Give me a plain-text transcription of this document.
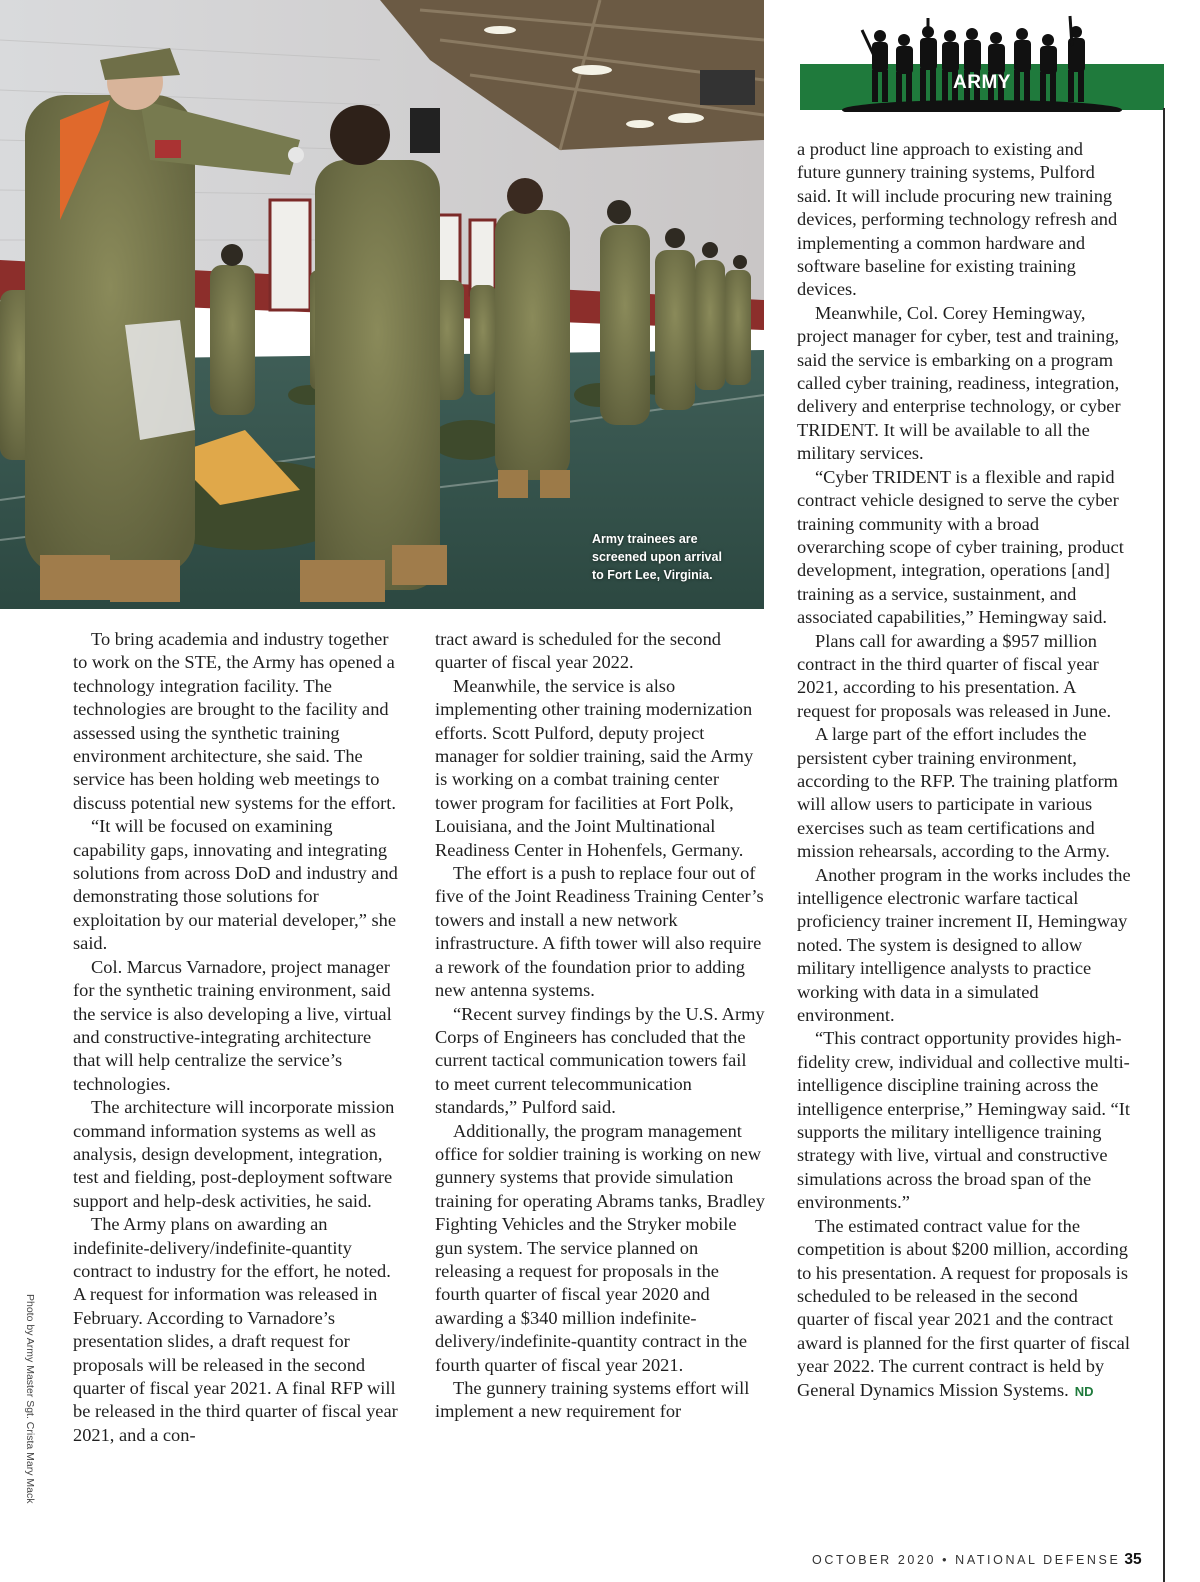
Army trainees are
screened upon arrival
to Fort Lee, Virginia.
ARMY

To bring academia and industry together to work on the STE, the Army has opened a technology integration facility. The technologies are brought to the facility and assessed using the synthetic training environment architecture, she said. The service has been holding web meetings to discuss potential new systems for the effort.

“It will be focused on examining capability gaps, innovating and integrating solutions from across DoD and industry and demonstrating those solutions for exploitation by our material developer,” she said.

Col. Marcus Varnadore, project manager for the synthetic training environment, said the service is also developing a live, virtual and constructive-integrating architecture that will help centralize the service’s technologies.

The architecture will incorporate mission command information systems as well as analysis, design development, integration, test and fielding, post-deployment software support and help-desk activities, he said.

The Army plans on awarding an indefinite-delivery/indefinite-quantity contract to industry for the effort, he noted. A request for information was released in February. According to Varnadore’s presentation slides, a draft request for proposals will be released in the second quarter of fiscal year 2021. A final RFP will be released in the third quarter of fiscal year 2021, and a con-

tract award is scheduled for the second quarter of fiscal year 2022.

Meanwhile, the service is also implementing other training modernization efforts. Scott Pulford, deputy project manager for soldier training, said the Army is working on a combat training center tower program for facilities at Fort Polk, Louisiana, and the Joint Multinational Readiness Center in Hohenfels, Germany.

The effort is a push to replace four out of five of the Joint Readiness Training Center’s towers and install a new network infrastructure. A fifth tower will also require a rework of the foundation prior to adding new antenna systems.

“Recent survey findings by the U.S. Army Corps of Engineers has concluded that the current tactical communication towers fail to meet current telecommunication standards,” Pulford said.

Additionally, the program management office for soldier training is working on new gunnery systems that provide simulation training for operating Abrams tanks, Bradley Fighting Vehicles and the Stryker mobile gun system. The service planned on releasing a request for proposals in the fourth quarter of fiscal year 2020 and awarding a $340 million indefinite-delivery/indefinite-quantity contract in the fourth quarter of fiscal year 2021.

The gunnery training systems effort will implement a new requirement for

a product line approach to existing and future gunnery training systems, Pulford said. It will include procuring new training devices, performing technology refresh and implementing a common hardware and software baseline for existing training devices.

Meanwhile, Col. Corey Hemingway, project manager for cyber, test and training, said the service is embarking on a program called cyber training, readiness, integration, delivery and enterprise technology, or cyber TRIDENT. It will be available to all the military services.

“Cyber TRIDENT is a flexible and rapid contract vehicle designed to serve the cyber training community with a broad overarching scope of cyber training, product development, integration, operations [and] training as a service, sustainment, and associated capabilities,” Hemingway said.

Plans call for awarding a $957 million contract in the third quarter of fiscal year 2021, according to his presentation. A request for proposals was released in June.

A large part of the effort includes the persistent cyber training environment, according to the RFP. The training platform will allow users to participate in various exercises such as team certifications and mission rehearsals, according to the Army.

Another program in the works includes the intelligence electronic warfare tactical proficiency trainer increment II, Hemingway noted. The system is designed to allow military intelligence analysts to practice working with data in a simulated environment.

“This contract opportunity provides high-fidelity crew, individual and collective multi-intelligence discipline training across the intelligence enterprise,” Hemingway said. “It supports the military intelligence training strategy with live, virtual and constructive simulations across the broad span of the environments.”

The estimated contract value for the competition is about $200 million, according to his presentation. A request for proposals is scheduled to be released in the second quarter of fiscal year 2021 and the contract award is planned for the first quarter of fiscal year 2022. The current contract is held by General Dynamics Mission Systems. ND

Photo by Army Master Sgt. Crista Mary Mack
OCTOBER 2020 • NATIONAL DEFENSE 35
